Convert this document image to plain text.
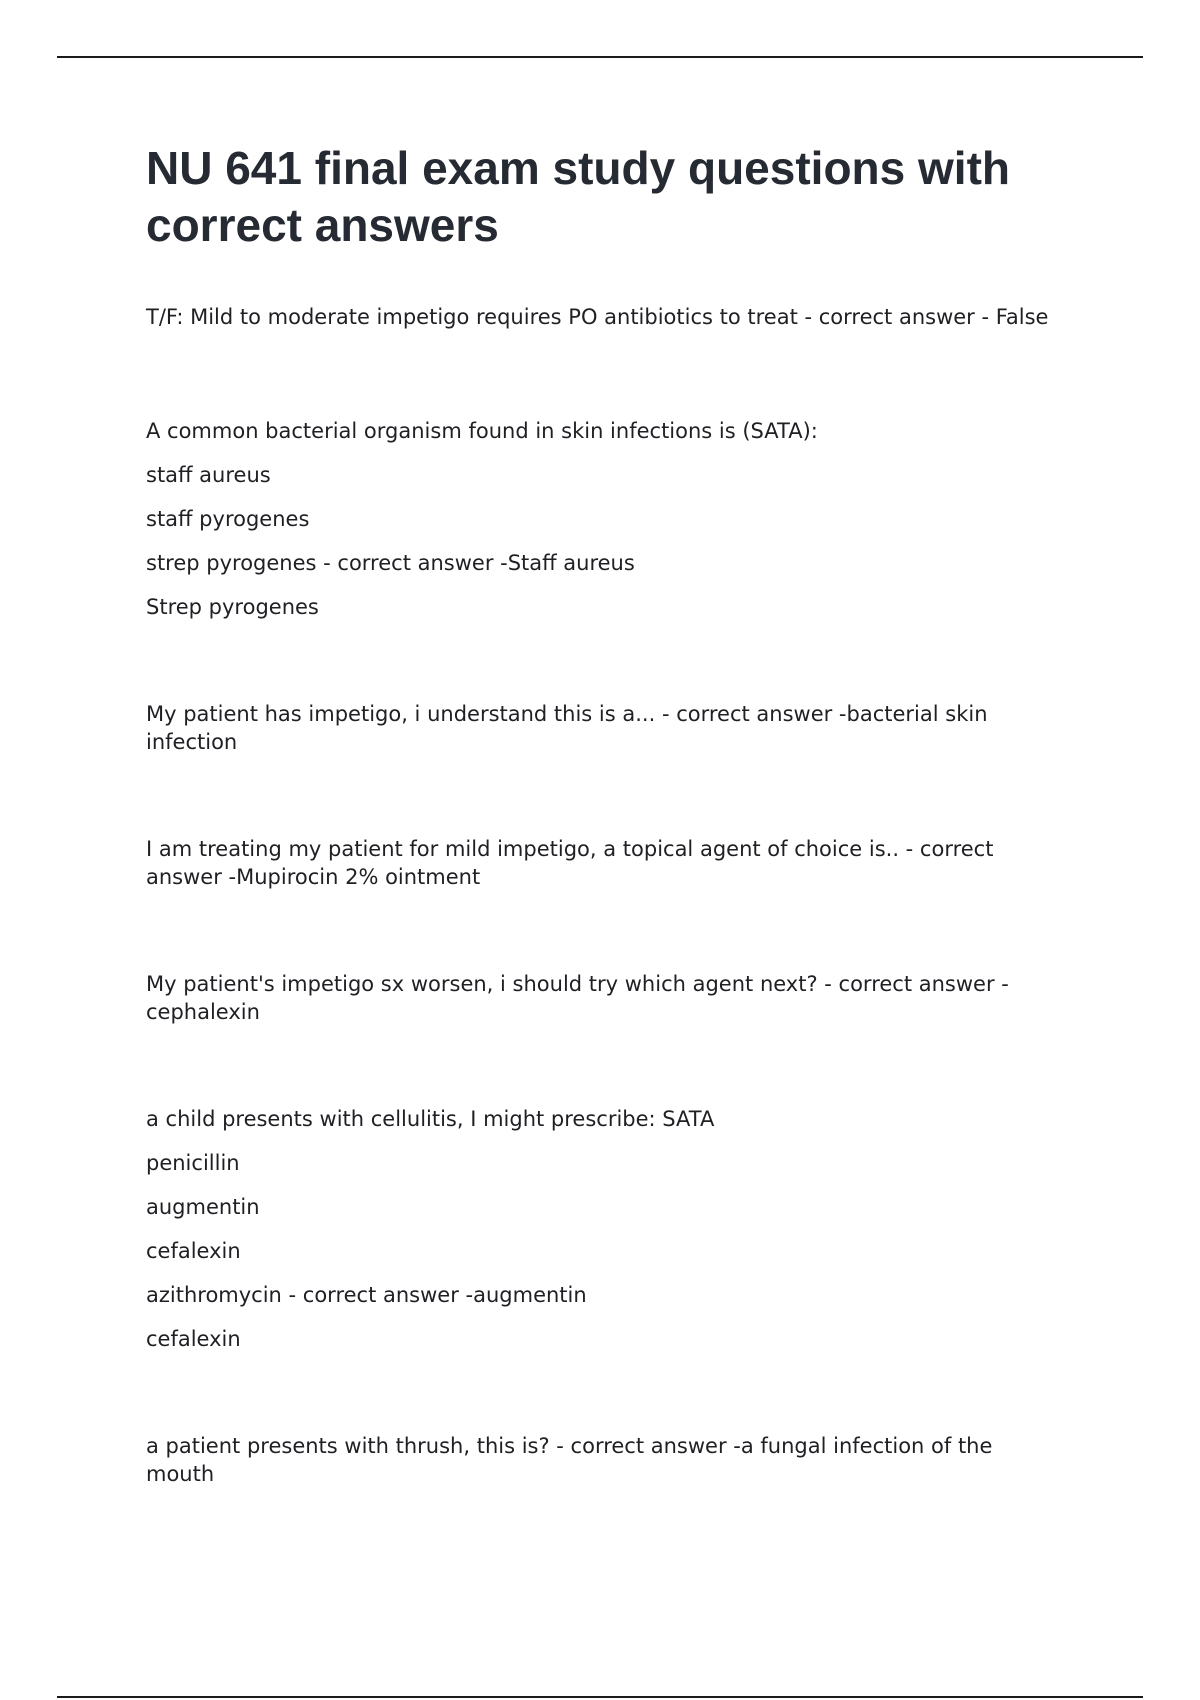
NU 641 final exam study questions with correct answers

T/F: Mild to moderate impetigo requires PO antibiotics to treat - correct answer - False

A common bacterial organism found in skin infections is (SATA):

staff aureus

staff pyrogenes

strep pyrogenes - correct answer -Staff aureus

Strep pyrogenes

My patient has impetigo, i understand this is a... - correct answer -bacterial skin infection

I am treating my patient for mild impetigo, a topical agent of choice is.. - correct answer -Mupirocin 2% ointment

My patient's impetigo sx worsen, i should try which agent next? - correct answer - cephalexin

a child presents with cellulitis, I might prescribe: SATA

penicillin

augmentin

cefalexin

azithromycin - correct answer -augmentin

cefalexin

a patient presents with thrush, this is? - correct answer -a fungal infection of the mouth
